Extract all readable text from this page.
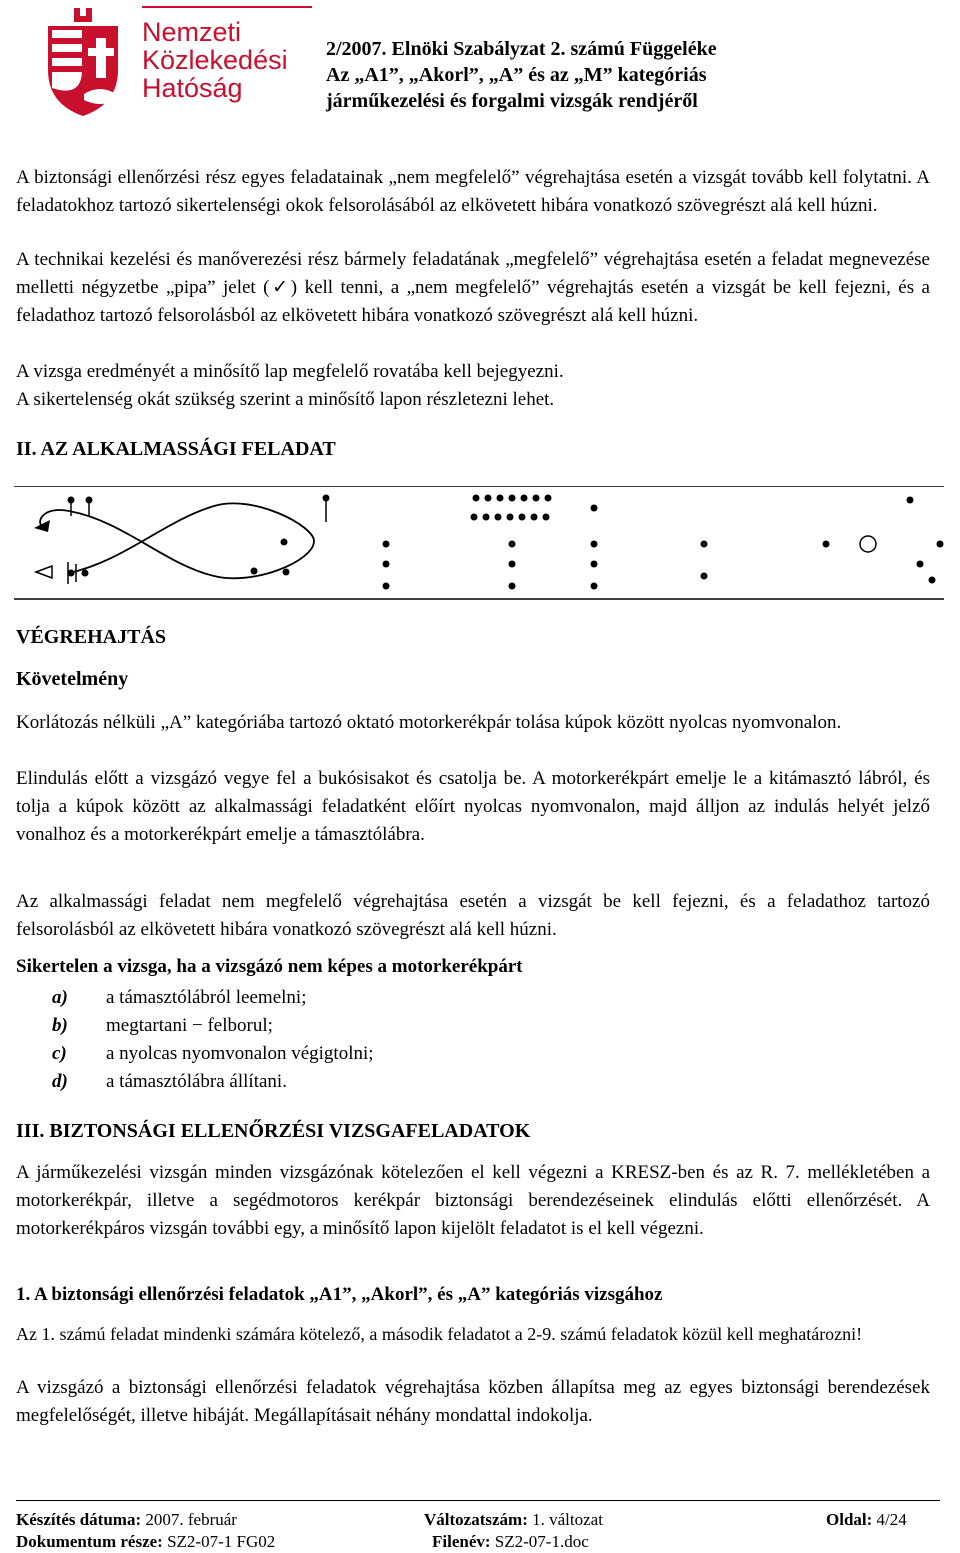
Nemzeti
Közlekedési
Hatóság
2/2007. Elnöki Szabályzat 2. számú Függeléke
Az „A1”, „Akorl”, „A” és az „M” kategóriás
járműkezelési és forgalmi vizsgák rendjéről
A biztonsági ellenőrzési rész egyes feladatainak „nem megfelelő” végrehajtása esetén a vizsgát tovább kell folytatni. A feladatokhoz tartozó sikertelenségi okok felsorolásából az elkövetett hibára vonatkozó szövegrészt alá kell húzni.
A technikai kezelési és manőverezési rész bármely feladatának „megfelelő” végrehajtása esetén a feladat megnevezése melletti négyzetbe „pipa” jelet (✓) kell tenni, a „nem megfelelő” végrehajtás esetén a vizsgát be kell fejezni, és a feladathoz tartozó felsorolásból az elkövetett hibára vonatkozó szövegrészt alá kell húzni.
A vizsga eredményét a minősítő lap megfelelő rovatába kell bejegyezni.
A sikertelenség okát szükség szerint a minősítő lapon részletezni lehet.
II. AZ ALKALMASSÁGI FELADAT
VÉGREHAJTÁS
Követelmény
Korlátozás nélküli „A” kategóriába tartozó oktató motorkerékpár tolása kúpok között nyolcas nyomvonalon.
Elindulás előtt a vizsgázó vegye fel a bukósisakot és csatolja be. A motorkerékpárt emelje le a kitámasztó lábról, és tolja a kúpok között az alkalmassági feladatként előírt nyolcas nyomvonalon, majd álljon az indulás helyét jelző vonalhoz és a motorkerékpárt emelje a támasztólábra.
Az alkalmassági feladat nem megfelelő végrehajtása esetén a vizsgát be kell fejezni, és a feladathoz tartozó felsorolásból az elkövetett hibára vonatkozó szövegrészt alá kell húzni.
Sikertelen a vizsga, ha a vizsgázó nem képes a motorkerékpárt
a) a támasztólábról leemelni;
b) megtartani − felborul;
c) a nyolcas nyomvonalon végigtolni;
d) a támasztólábra állítani.
III. BIZTONSÁGI ELLENŐRZÉSI VIZSGAFELADATOK
A járműkezelési vizsgán minden vizsgázónak kötelezően el kell végezni a KRESZ-ben és az R. 7. mellékletében a motorkerékpár, illetve a segédmotoros kerékpár biztonsági berendezéseinek elindulás előtti ellenőrzését. A motorkerékpáros vizsgán további egy, a minősítő lapon kijelölt feladatot is el kell végezni.
1. A biztonsági ellenőrzési feladatok „A1”, „Akorl”, és „A” kategóriás vizsgához
Az 1. számú feladat mindenki számára kötelező, a második feladatot a 2-9. számú feladatok közül kell meghatározni!
A vizsgázó a biztonsági ellenőrzési feladatok végrehajtása közben állapítsa meg az egyes biztonsági berendezések megfelelőségét, illetve hibáját. Megállapításait néhány mondattal indokolja.
Készítés dátuma: 2007. február	Változatszám: 1. változat	Oldal: 4/24
Dokumentum része: SZ2-07-1 FG02	Filenév: SZ2-07-1.doc
